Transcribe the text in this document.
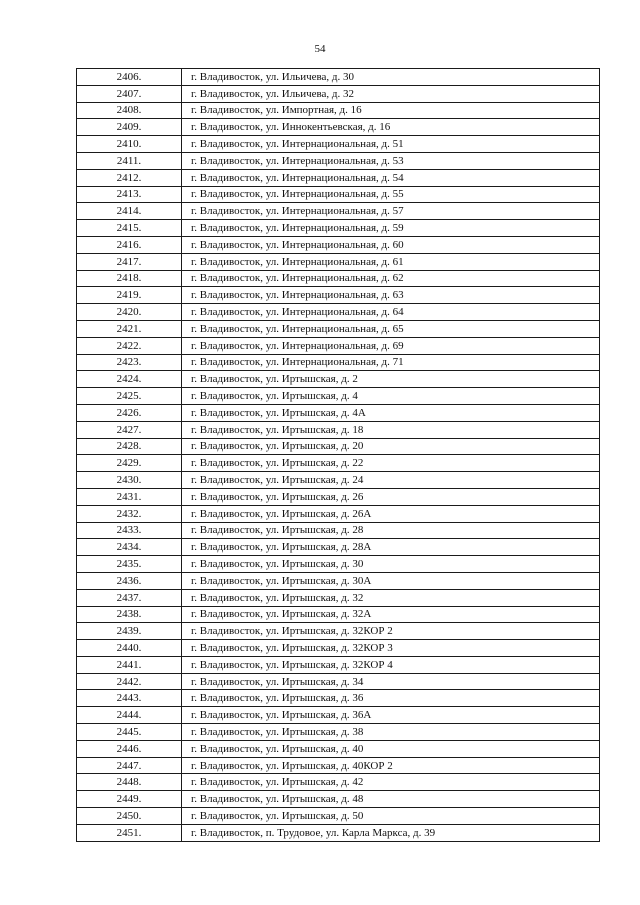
54
2406.	г. Владивосток, ул. Ильичева, д. 30
2407.	г. Владивосток, ул. Ильичева, д. 32
2408.	г. Владивосток, ул. Импортная, д. 16
2409.	г. Владивосток, ул. Иннокентьевская, д. 16
2410.	г. Владивосток, ул. Интернациональная, д. 51
2411.	г. Владивосток, ул. Интернациональная, д. 53
2412.	г. Владивосток, ул. Интернациональная, д. 54
2413.	г. Владивосток, ул. Интернациональная, д. 55
2414.	г. Владивосток, ул. Интернациональная, д. 57
2415.	г. Владивосток, ул. Интернациональная, д. 59
2416.	г. Владивосток, ул. Интернациональная, д. 60
2417.	г. Владивосток, ул. Интернациональная, д. 61
2418.	г. Владивосток, ул. Интернациональная, д. 62
2419.	г. Владивосток, ул. Интернациональная, д. 63
2420.	г. Владивосток, ул. Интернациональная, д. 64
2421.	г. Владивосток, ул. Интернациональная, д. 65
2422.	г. Владивосток, ул. Интернациональная, д. 69
2423.	г. Владивосток, ул. Интернациональная, д. 71
2424.	г. Владивосток, ул. Иртышская, д. 2
2425.	г. Владивосток, ул. Иртышская, д. 4
2426.	г. Владивосток, ул. Иртышская, д. 4А
2427.	г. Владивосток, ул. Иртышская, д. 18
2428.	г. Владивосток, ул. Иртышская, д. 20
2429.	г. Владивосток, ул. Иртышская, д. 22
2430.	г. Владивосток, ул. Иртышская, д. 24
2431.	г. Владивосток, ул. Иртышская, д. 26
2432.	г. Владивосток, ул. Иртышская, д. 26А
2433.	г. Владивосток, ул. Иртышская, д. 28
2434.	г. Владивосток, ул. Иртышская, д. 28А
2435.	г. Владивосток, ул. Иртышская, д. 30
2436.	г. Владивосток, ул. Иртышская, д. 30А
2437.	г. Владивосток, ул. Иртышская, д. 32
2438.	г. Владивосток, ул. Иртышская, д. 32А
2439.	г. Владивосток, ул. Иртышская, д. 32КОР 2
2440.	г. Владивосток, ул. Иртышская, д. 32КОР 3
2441.	г. Владивосток, ул. Иртышская, д. 32КОР 4
2442.	г. Владивосток, ул. Иртышская, д. 34
2443.	г. Владивосток, ул. Иртышская, д. 36
2444.	г. Владивосток, ул. Иртышская, д. 36А
2445.	г. Владивосток, ул. Иртышская, д. 38
2446.	г. Владивосток, ул. Иртышская, д. 40
2447.	г. Владивосток, ул. Иртышская, д. 40КОР 2
2448.	г. Владивосток, ул. Иртышская, д. 42
2449.	г. Владивосток, ул. Иртышская, д. 48
2450.	г. Владивосток, ул. Иртышская, д. 50
2451.	г. Владивосток, п. Трудовое, ул. Карла Маркса, д. 39
